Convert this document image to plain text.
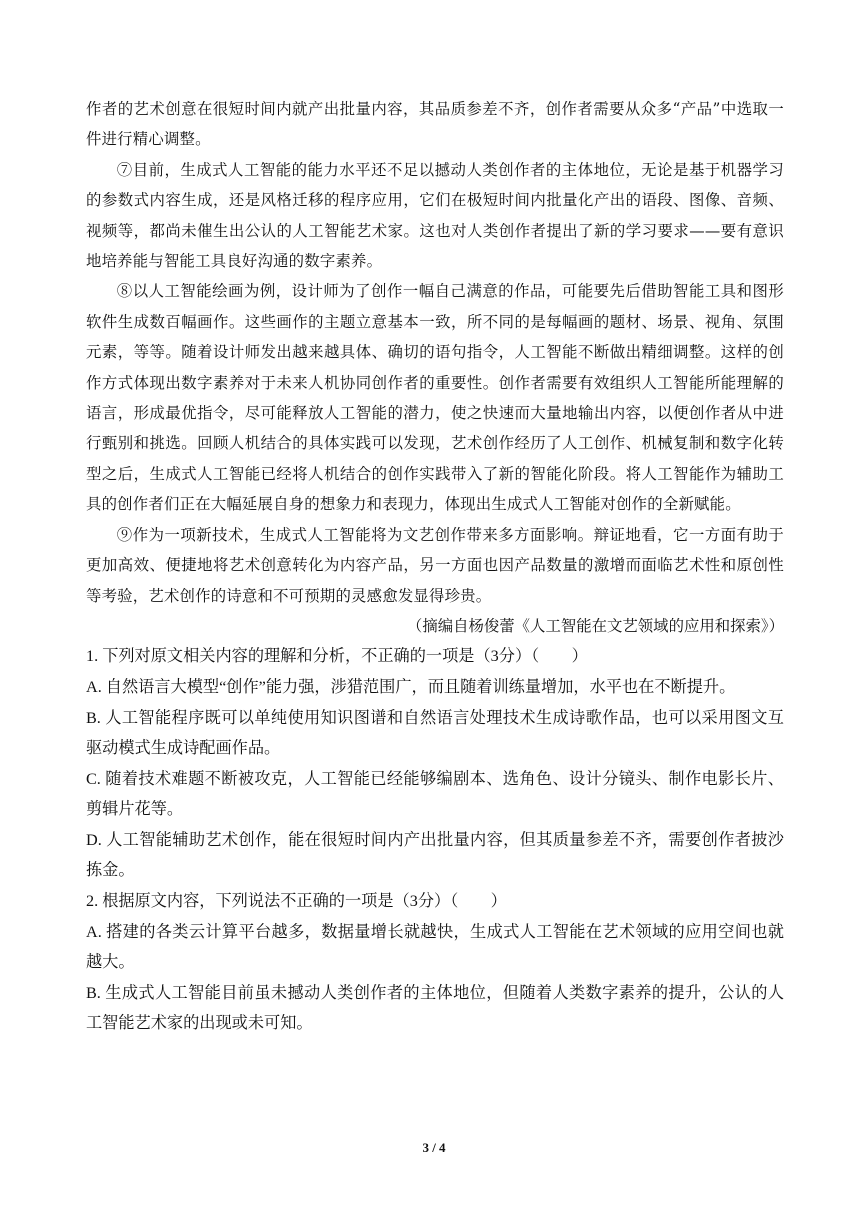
作者的艺术创意在很短时间内就产出批量内容，其品质参差不齐，创作者需要从众多“产品”中选取一件进行精心调整。

⑦目前，生成式人工智能的能力水平还不足以撼动人类创作者的主体地位，无论是基于机器学习的参数式内容生成，还是风格迁移的程序应用，它们在极短时间内批量化产出的语段、图像、音频、视频等，都尚未催生出公认的人工智能艺术家。这也对人类创作者提出了新的学习要求——要有意识地培养能与智能工具良好沟通的数字素养。

⑧以人工智能绘画为例，设计师为了创作一幅自己满意的作品，可能要先后借助智能工具和图形软件生成数百幅画作。这些画作的主题立意基本一致，所不同的是每幅画的题材、场景、视角、氛围元素，等等。随着设计师发出越来越具体、确切的语句指令，人工智能不断做出精细调整。这样的创作方式体现出数字素养对于未来人机协同创作者的重要性。创作者需要有效组织人工智能所能理解的语言，形成最优指令，尽可能释放人工智能的潜力，使之快速而大量地输出内容，以便创作者从中进行甄别和挑选。回顾人机结合的具体实践可以发现，艺术创作经历了人工创作、机械复制和数字化转型之后，生成式人工智能已经将人机结合的创作实践带入了新的智能化阶段。将人工智能作为辅助工具的创作者们正在大幅延展自身的想象力和表现力，体现出生成式人工智能对创作的全新赋能。

⑨作为一项新技术，生成式人工智能将为文艺创作带来多方面影响。辩证地看，它一方面有助于更加高效、便捷地将艺术创意转化为内容产品，另一方面也因产品数量的激增而面临艺术性和原创性等考验，艺术创作的诗意和不可预期的灵感愈发显得珍贵。

（摘编自杨俊蕾《人工智能在文艺领域的应用和探索》）

1. 下列对原文相关内容的理解和分析，不正确的一项是（3分）（　　）

A. 自然语言大模型“创作”能力强，涉猎范围广，而且随着训练量增加，水平也在不断提升。

B. 人工智能程序既可以单纯使用知识图谱和自然语言处理技术生成诗歌作品，也可以采用图文互驱动模式生成诗配画作品。

C. 随着技术难题不断被攻克，人工智能已经能够编剧本、选角色、设计分镜头、制作电影长片、剪辑片花等。

D. 人工智能辅助艺术创作，能在很短时间内产出批量内容，但其质量参差不齐，需要创作者披沙拣金。

2. 根据原文内容，下列说法不正确的一项是（3分）（　　）

A. 搭建的各类云计算平台越多，数据量增长就越快，生成式人工智能在艺术领域的应用空间也就越大。

B. 生成式人工智能目前虽未撼动人类创作者的主体地位，但随着人类数字素养的提升，公认的人工智能艺术家的出现或未可知。

3 / 4
